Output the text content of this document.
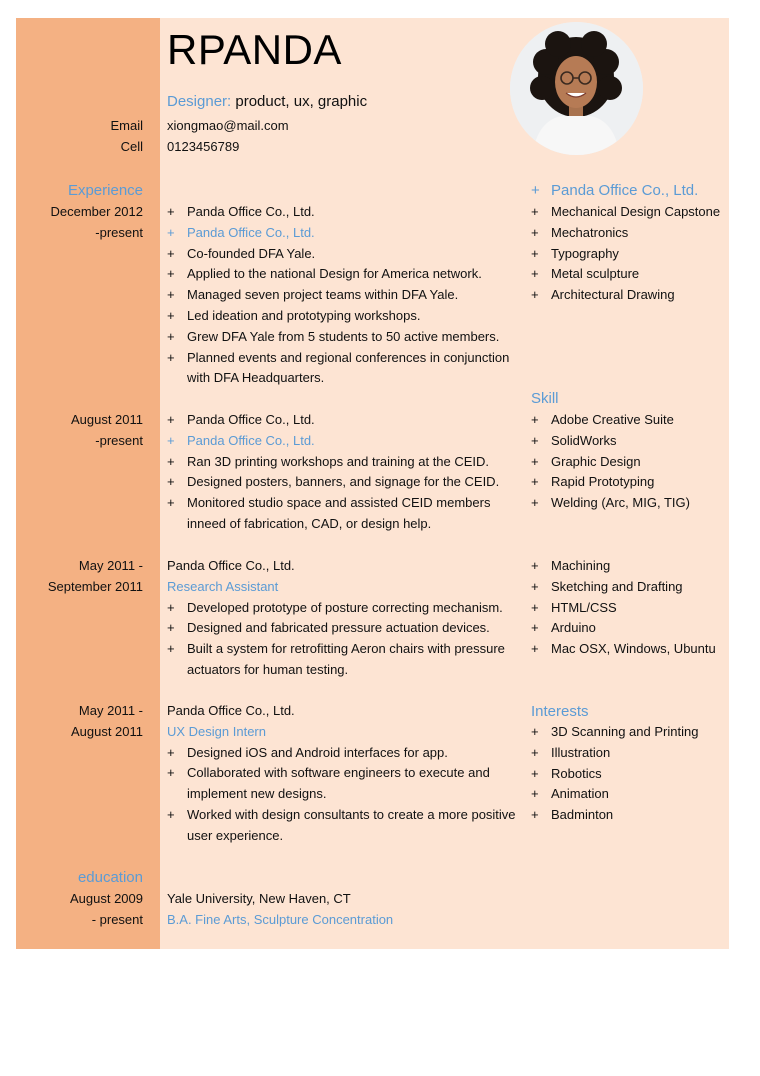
RPANDA
Designer: product, ux, graphic
Email xiongmao@mail.com
Cell 0123456789
Experience
December 2012
-present
+ Panda Office Co., Ltd.
+ Panda Office Co., Ltd.
+ Co-founded DFA Yale.
+ Applied to the national Design for America network.
+ Managed seven project teams within DFA Yale.
+ Led ideation and prototyping workshops.
+ Grew DFA Yale from 5 students to 50 active members.
+ Planned events and regional conferences in conjunction
with DFA Headquarters.
August 2011
-present
+ Panda Office Co., Ltd.
+ Panda Office Co., Ltd.
+ Ran 3D printing workshops and training at the CEID.
+ Designed posters, banners, and signage for the CEID.
+ Monitored studio space and assisted CEID members
inneed of fabrication, CAD, or design help.
May 2011 -
September 2011
Panda Office Co., Ltd.
Research Assistant
+ Developed prototype of posture correcting mechanism.
+ Designed and fabricated pressure actuation devices.
+ Built a system for retrofitting Aeron chairs with pressure
actuators for human testing.
May 2011 -
August 2011
Panda Office Co., Ltd.
UX Design Intern
+ Designed iOS and Android interfaces for app.
+ Collaborated with software engineers to execute and
implement new designs.
+ Worked with design consultants to create a more positive
user experience.
education
August 2009
- present
Yale University, New Haven, CT
B.A. Fine Arts, Sculpture Concentration
+ Panda Office Co., Ltd.
+ Mechanical Design Capstone
+ Mechatronics
+ Typography
+ Metal sculpture
+ Architectural Drawing
Skill
+ Adobe Creative Suite
+ SolidWorks
+ Graphic Design
+ Rapid Prototyping
+ Welding (Arc, MIG, TIG)
+ Machining
+ Sketching and Drafting
+ HTML/CSS
+ Arduino
+ Mac OSX, Windows, Ubuntu
Interests
+ 3D Scanning and Printing
+ Illustration
+ Robotics
+ Animation
+ Badminton
